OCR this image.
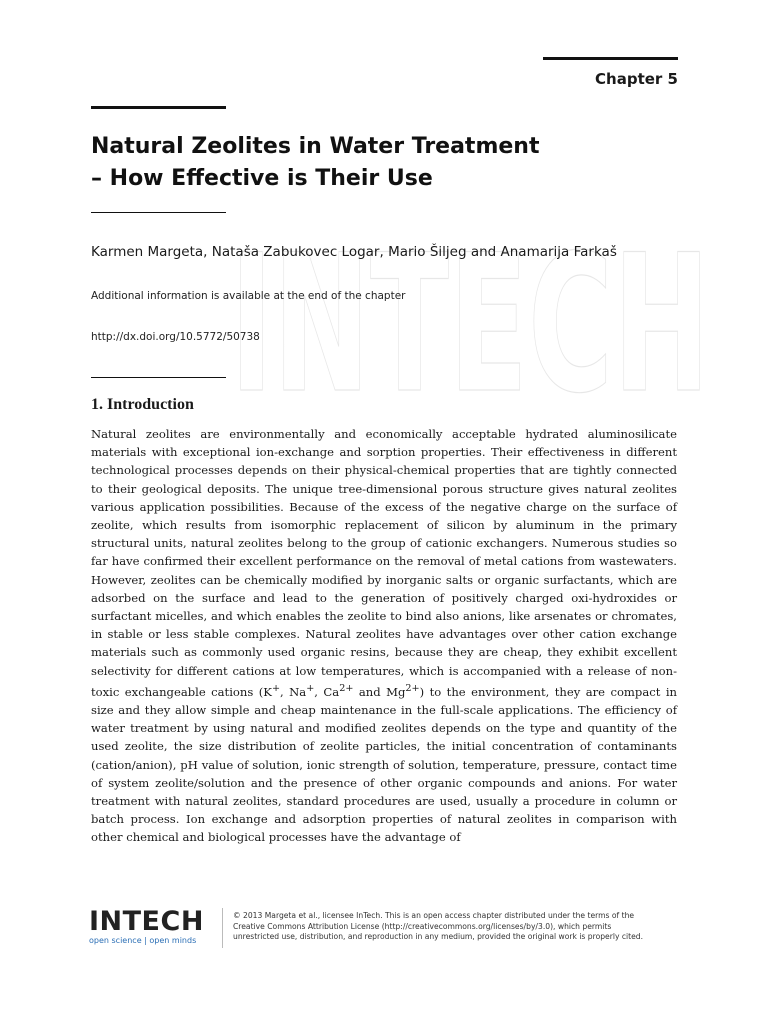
Chapter 5
INTECH
Natural Zeolites in Water Treatment
– How Effective is Their Use
Karmen Margeta, Nataša Zabukovec Logar, Mario Šiljeg and Anamarija Farkaš
Additional information is available at the end of the chapter
http://dx.doi.org/10.5772/50738
1. Introduction

Natural zeolites are environmentally and economically acceptable hydrated aluminosilicate materials with exceptional ion-exchange and sorption properties. Their effectiveness in different technological processes depends on their physical-chemical properties that are tightly connected to their geological deposits. The unique tree-dimensional porous structure gives natural zeolites various application possibilities. Because of the excess of the negative charge on the surface of zeolite, which results from isomorphic replacement of silicon by aluminum in the primary structural units, natural zeolites belong to the group of cationic exchangers. Numerous studies so far have confirmed their excellent performance on the removal of metal cations from wastewaters. However, zeolites can be chemically modified by inorganic salts or organic surfactants, which are adsorbed on the surface and lead to the generation of positively charged oxi-hydroxides or surfactant micelles, and which enables the zeolite to bind also anions, like arsenates or chromates, in stable or less stable complexes. Natural zeolites have advantages over other cation exchange materials such as commonly used organic resins, because they are cheap, they exhibit excellent selectivity for different cations at low temperatures, which is accompanied with a release of non-toxic exchangeable cations (K+, Na+, $Ca^{2+}$ and $Mg^{2+}$) to the environment, they are compact in size and they allow simple and cheap maintenance in the full-scale applications. The efficiency of water treatment by using natural and modified zeolites depends on the type and quantity of the used zeolite, the size distribution of zeolite particles, the initial concentration of contaminants (cation/anion), pH value of solution, ionic strength of solution, temperature, pressure, contact time of system zeolite/solution and the presence of other organic compounds and anions. For water treatment with natural zeolites, standard procedures are used, usually a procedure in column or batch process. Ion exchange and adsorption properties of natural zeolites in comparison with other chemical and biological processes have the advantage of

INTECH
open science | open minds
© 2013 Margeta et al., licensee InTech. This is an open access chapter distributed under the terms of the
Creative Commons Attribution License (http://creativecommons.org/licenses/by/3.0), which permits
unrestricted use, distribution, and reproduction in any medium, provided the original work is properly cited.
